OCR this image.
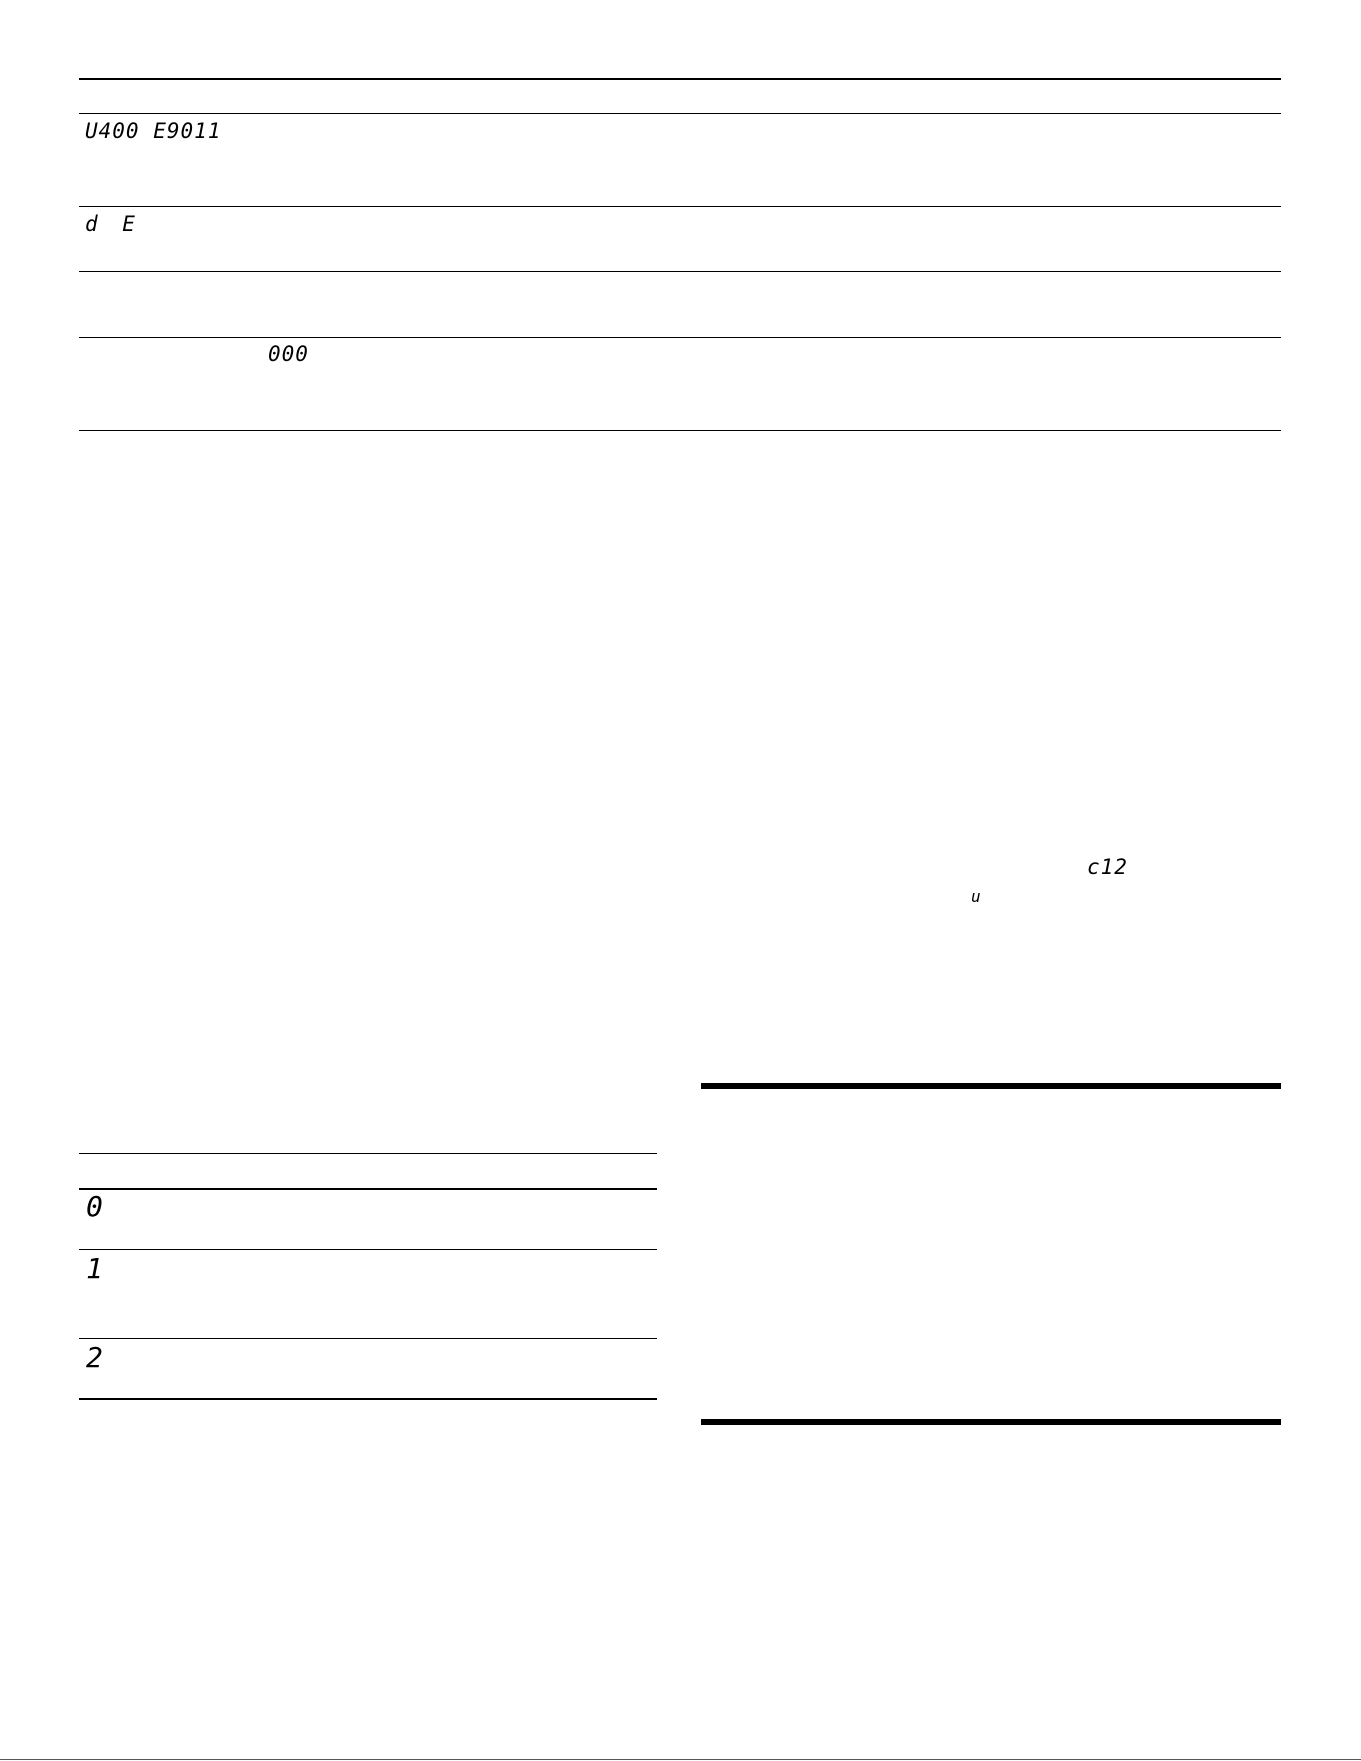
U400 E9011
d E
000
c12
u
0
1
2
